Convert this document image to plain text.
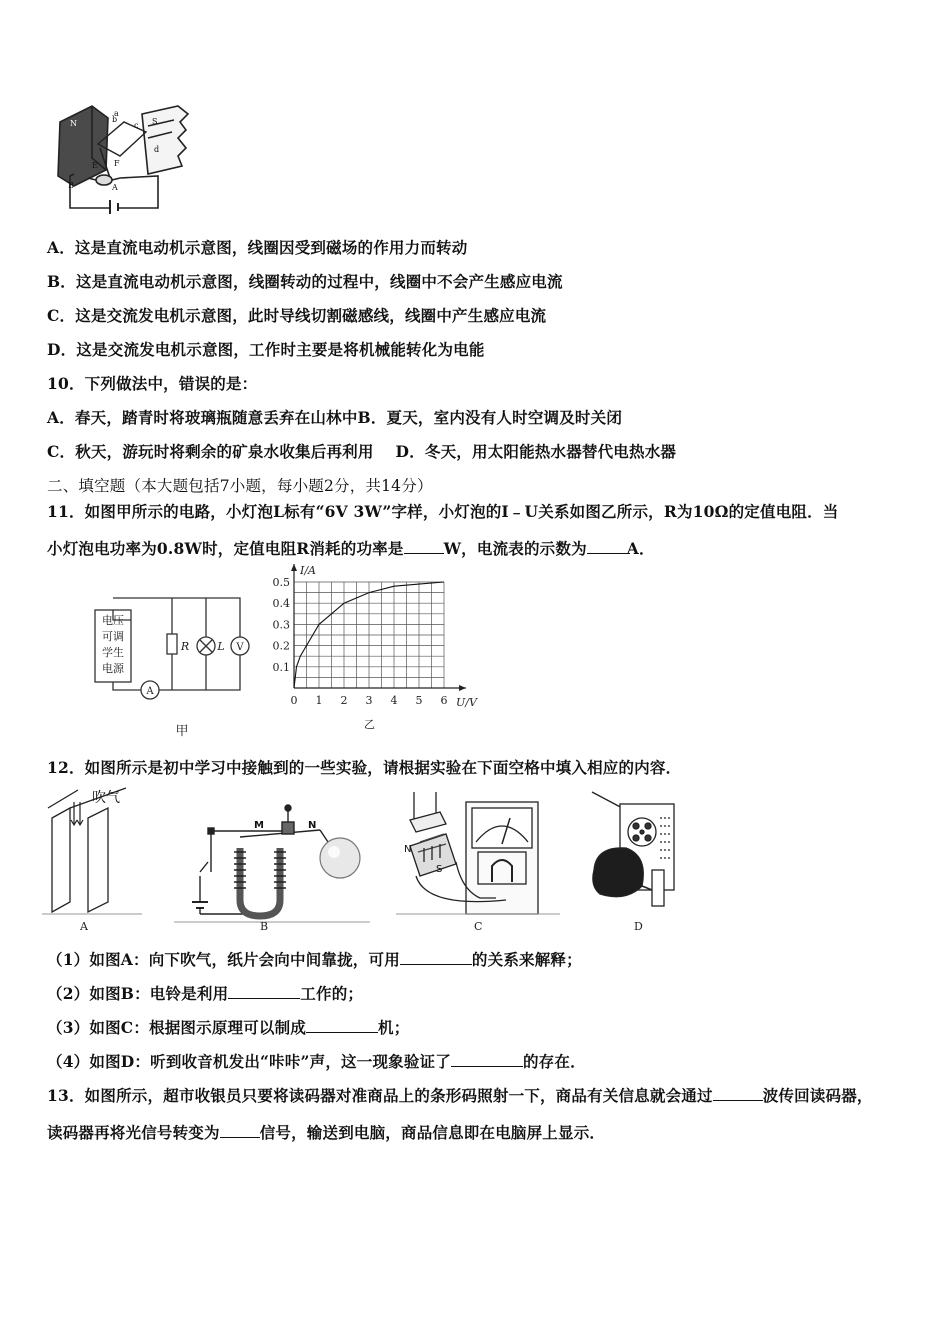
N	S
a
b
c
d
E F
A
B
A．这是直流电动机示意图，线圈因受到磁场的作用力而转动
B．这是直流电动机示意图，线圈转动的过程中，线圈中不会产生感应电流
C．这是交流发电机示意图，此时导线切割磁感线，线圈中产生感应电流
D．这是交流发电机示意图，工作时主要是将机械能转化为电能
10．下列做法中，错误的是：
A．春天，踏青时将玻璃瓶随意丢弃在山林中B．夏天，室内没有人时空调及时关闭
C．秋天，游玩时将剩余的矿泉水收集后再利用 D．冬天，用太阳能热水器替代电热水器
二、填空题（本大题包括7小题，每小题2分，共14分）
11．如图甲所示的电路，小灯泡L标有“6V 3W”字样，小灯泡的I﹣U关系如图乙所示，R为10Ω的定值电阻．当
小灯泡电功率为0.8W时，定值电阻R消耗的功率是	W，电流表的示数为	A．
电压
可调
学生
电源
R	L V
A
甲
0 1 2 3 4 5 6
0.1
0.2
0.3
0.4
0.5
I/A
U/V
乙
12．如图所示是初中学习中接触到的一些实验，请根据实验在下面空格中填入相应的内容．
吹气
A
M	N
B
N
S
C	D
（1）如图A：向下吹气，纸片会向中间靠拢，可用	的关系来解释；
（2）如图B：电铃是利用	工作的；
（3）如图C：根据图示原理可以制成	机；
（4）如图D：听到收音机发出“咔咔”声，这一现象验证了	的存在．
13．如图所示，超市收银员只要将读码器对准商品上的条形码照射一下，商品有关信息就会通过	波传回读码器，
读码器再将光信号转变为	信号，输送到电脑，商品信息即在电脑屏上显示．
